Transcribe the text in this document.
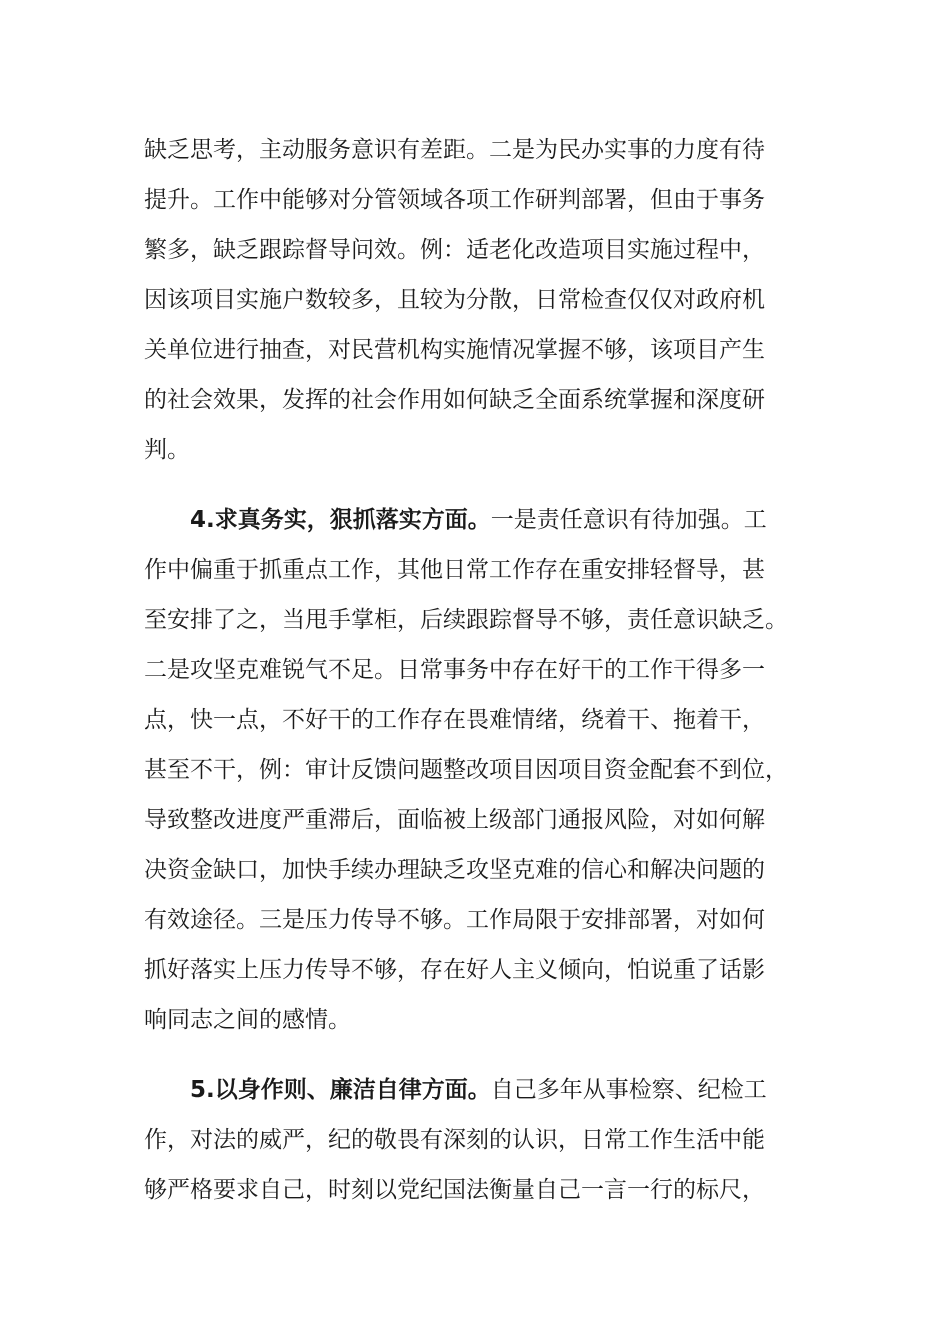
缺乏思考，主动服务意识有差距。二是为民办实事的力度有待
提升。工作中能够对分管领域各项工作研判部署，但由于事务
繁多，缺乏跟踪督导问效。例：适老化改造项目实施过程中，
因该项目实施户数较多，且较为分散，日常检查仅仅对政府机
关单位进行抽查，对民营机构实施情况掌握不够，该项目产生
的社会效果，发挥的社会作用如何缺乏全面系统掌握和深度研
判。
4.求真务实，狠抓落实方面。一是责任意识有待加强。工
作中偏重于抓重点工作，其他日常工作存在重安排轻督导，甚
至安排了之，当甩手掌柜，后续跟踪督导不够，责任意识缺乏。
二是攻坚克难锐气不足。日常事务中存在好干的工作干得多一
点，快一点，不好干的工作存在畏难情绪，绕着干、拖着干，
甚至不干，例：审计反馈问题整改项目因项目资金配套不到位，
导致整改进度严重滞后，面临被上级部门通报风险，对如何解
决资金缺口，加快手续办理缺乏攻坚克难的信心和解决问题的
有效途径。三是压力传导不够。工作局限于安排部署，对如何
抓好落实上压力传导不够，存在好人主义倾向，怕说重了话影
响同志之间的感情。
5.以身作则、廉洁自律方面。自己多年从事检察、纪检工
作，对法的威严，纪的敬畏有深刻的认识，日常工作生活中能
够严格要求自己，时刻以党纪国法衡量自己一言一行的标尺，
